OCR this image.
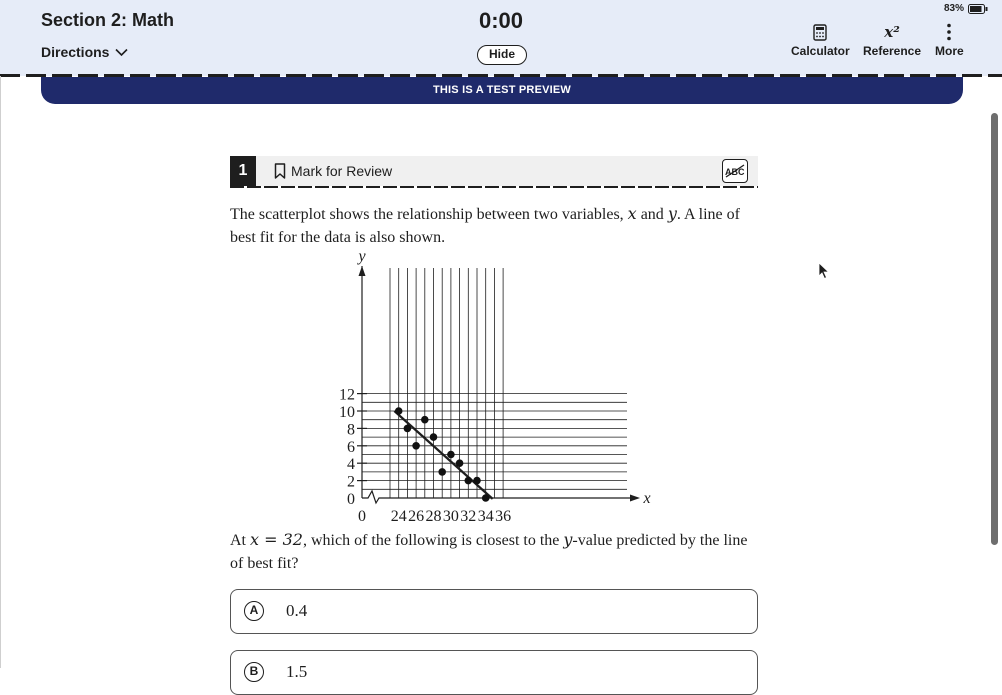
Section 2: Math
Directions
0:00
Hide
83%
Calculator
x²
Reference More
THIS IS A TEST PREVIEW
1	Mark for Review	ABC
The scatterplot shows the relationship between two variables, x and y. A line of best fit for the data is also shown.
y
x
0
2
4
6
8
10
12
0 24 26 28 30 32 34 36
At x = 32, which of the following is closest to the y-value predicted by the line of best fit?
A	0.4
B	1.5
